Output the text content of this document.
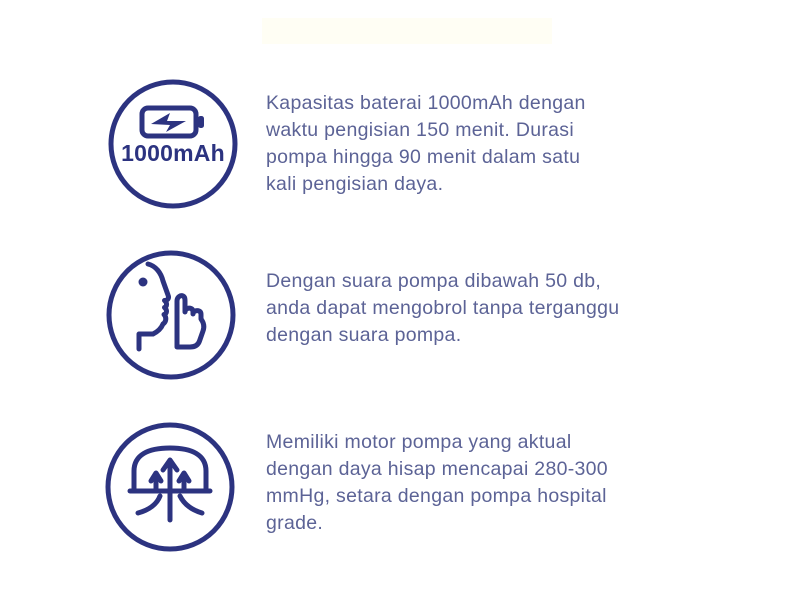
1000mAh
Kapasitas baterai 1000mAh dengan
waktu pengisian 150 menit. Durasi
pompa hingga 90 menit dalam satu
kali pengisian daya.
Dengan suara pompa dibawah 50 db,
anda dapat mengobrol tanpa terganggu
dengan suara pompa.
Memiliki motor pompa yang aktual
dengan daya hisap mencapai 280-300
mmHg, setara dengan pompa hospital
grade.
